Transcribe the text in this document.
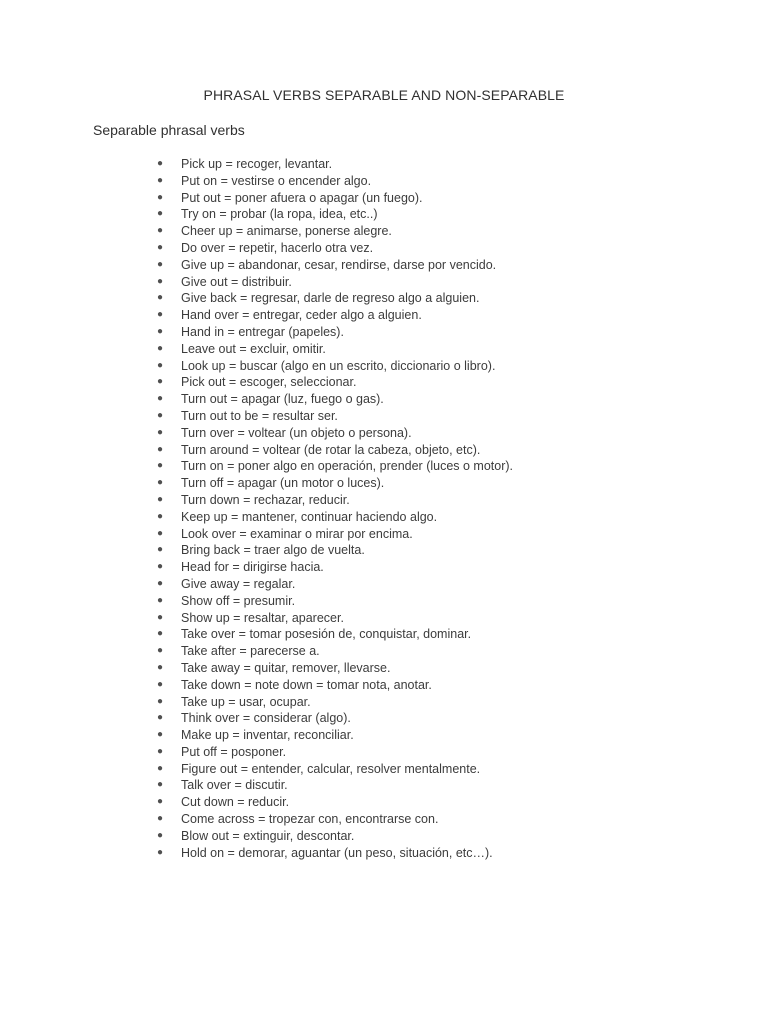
PHRASAL VERBS SEPARABLE AND NON-SEPARABLE
Separable phrasal verbs
● Pick up = recoger, levantar.
● Put on = vestirse o encender algo.
● Put out = poner afuera o apagar (un fuego).
● Try on = probar (la ropa, idea, etc..)
● Cheer up = animarse, ponerse alegre.
● Do over = repetir, hacerlo otra vez.
● Give up = abandonar, cesar, rendirse, darse por vencido.
● Give out = distribuir.
● Give back = regresar, darle de regreso algo a alguien.
● Hand over = entregar, ceder algo a alguien.
● Hand in = entregar (papeles).
● Leave out = excluir, omitir.
● Look up = buscar (algo en un escrito, diccionario o libro).
● Pick out = escoger, seleccionar.
● Turn out = apagar (luz, fuego o gas).
● Turn out to be = resultar ser.
● Turn over = voltear (un objeto o persona).
● Turn around = voltear (de rotar la cabeza, objeto, etc).
● Turn on = poner algo en operación, prender (luces o motor).
● Turn off = apagar (un motor o luces).
● Turn down = rechazar, reducir.
● Keep up = mantener, continuar haciendo algo.
● Look over = examinar o mirar por encima.
● Bring back = traer algo de vuelta.
● Head for = dirigirse hacia.
● Give away = regalar.
● Show off = presumir.
● Show up = resaltar, aparecer.
● Take over = tomar posesión de, conquistar, dominar.
● Take after = parecerse a.
● Take away = quitar, remover, llevarse.
● Take down = note down = tomar nota, anotar.
● Take up = usar, ocupar.
● Think over = considerar (algo).
● Make up = inventar, reconciliar.
● Put off = posponer.
● Figure out = entender, calcular, resolver mentalmente.
● Talk over = discutir.
● Cut down = reducir.
● Come across = tropezar con, encontrarse con.
● Blow out = extinguir, descontar.
● Hold on = demorar, aguantar (un peso, situación, etc…).
